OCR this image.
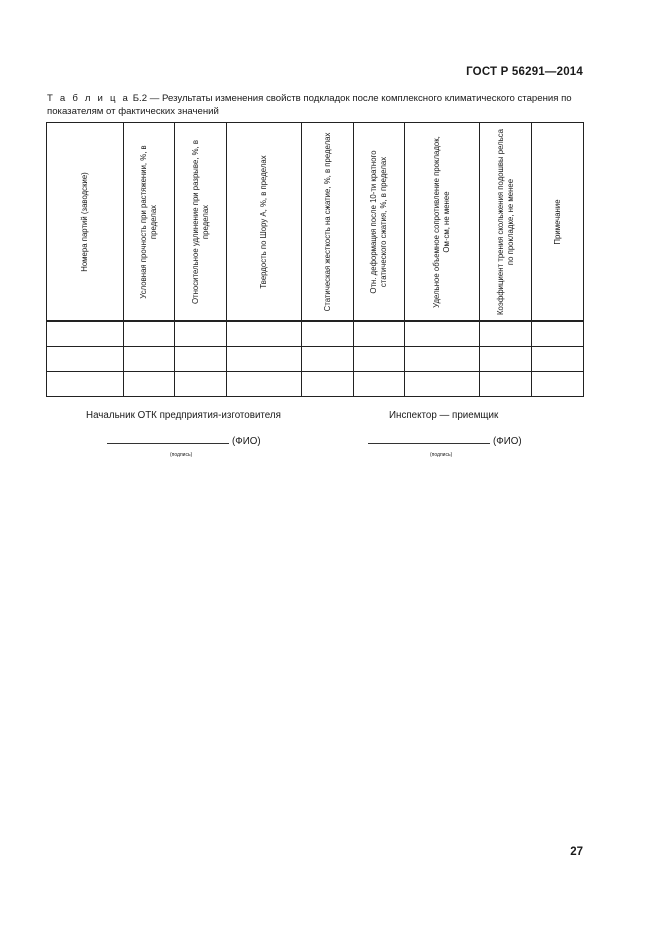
ГОСТ Р 56291—2014
Т а б л и ц а Б.2 — Результаты изменения свойств подкладок после комплексного климатического старения по показателям от фактических значений
Номера партий (заводские)	Условная прочность при растяжении, %, в пределах	Относительное удлинение при разрыве, %, в пределах	Твердость по Шору А, %, в пределах	Статическая жесткость на сжатие, %, в пределах	Отн. деформация после 10-ти кратного статического сжатия, %, в пределах	Удельное объемное сопротивление прокладок, Ом·см, не менее	Коэффициент трения скольжения подошвы рельса по прокладке, не менее	Примечание

Начальник ОТК предприятия-изготовителя
(ФИО)
(подпись)
Инспектор — приемщик
(ФИО)
(подпись)
27
